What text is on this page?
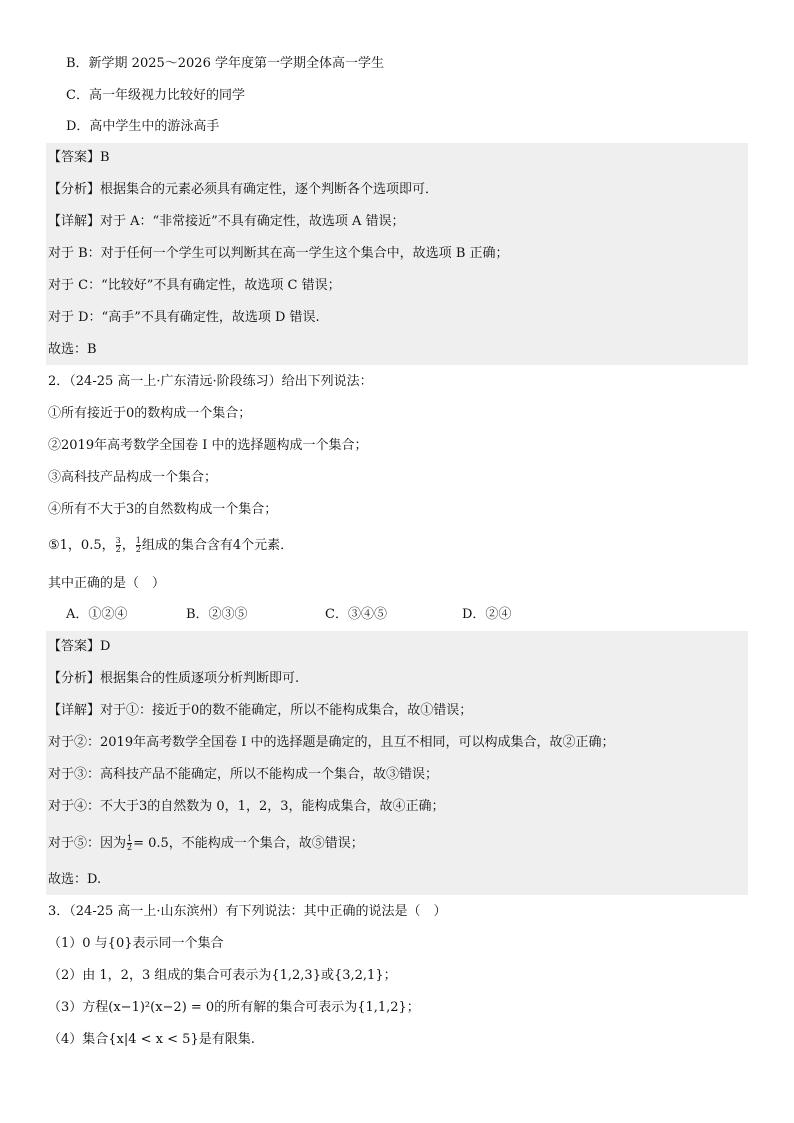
B．新学期 2025～2026 学年度第一学期全体高一学生
C．高一年级视力比较好的同学
D．高中学生中的游泳高手
【答案】B
【分析】根据集合的元素必须具有确定性，逐个判断各个选项即可．
【详解】对于 A：“非常接近”不具有确定性，故选项 A 错误；
对于 B：对于任何一个学生可以判断其在高一学生这个集合中，故选项 B 正确；
对于 C：“比较好”不具有确定性，故选项 C 错误；
对于 D：“高手”不具有确定性，故选项 D 错误.
故选：B
2．（24-25 高一上·广东清远·阶段练习）给出下列说法：
①所有接近于0的数构成一个集合；
②2019年高考数学全国卷 I 中的选择题构成一个集合；
③高科技产品构成一个集合；
④所有不大于3的自然数构成一个集合；
⑤1，0.5， $\frac{3}{2}$ ， $\frac{1}{2}$ 组成的集合含有4个元素．
其中正确的是（　）
A．①②④	B．②③⑤	C．③④⑤	D．②④
【答案】D
【分析】根据集合的性质逐项分析判断即可.
【详解】对于①：接近于0的数不能确定，所以不能构成集合，故①错误；
对于②：2019年高考数学全国卷 I 中的选择题是确定的，且互不相同，可以构成集合，故②正确；
对于③：高科技产品不能确定，所以不能构成一个集合，故③错误；
对于④：不大于3的自然数为 0，1，2，3，能构成集合，故④正确；
对于⑤：因为 $\frac{1}{2} = 0.5$，不能构成一个集合，故⑤错误；
故选：D.
3．（24-25 高一上·山东滨州）有下列说法：其中正确的说法是（　）
（1）0 与{0}表示同一个集合
（2）由 1，2，3 组成的集合可表示为{1,2,3}或{3,2,1}；
（3）方程(x−1)²(x−2) = 0的所有解的集合可表示为{1,1,2}；
（4）集合{x|4 < x < 5}是有限集.
